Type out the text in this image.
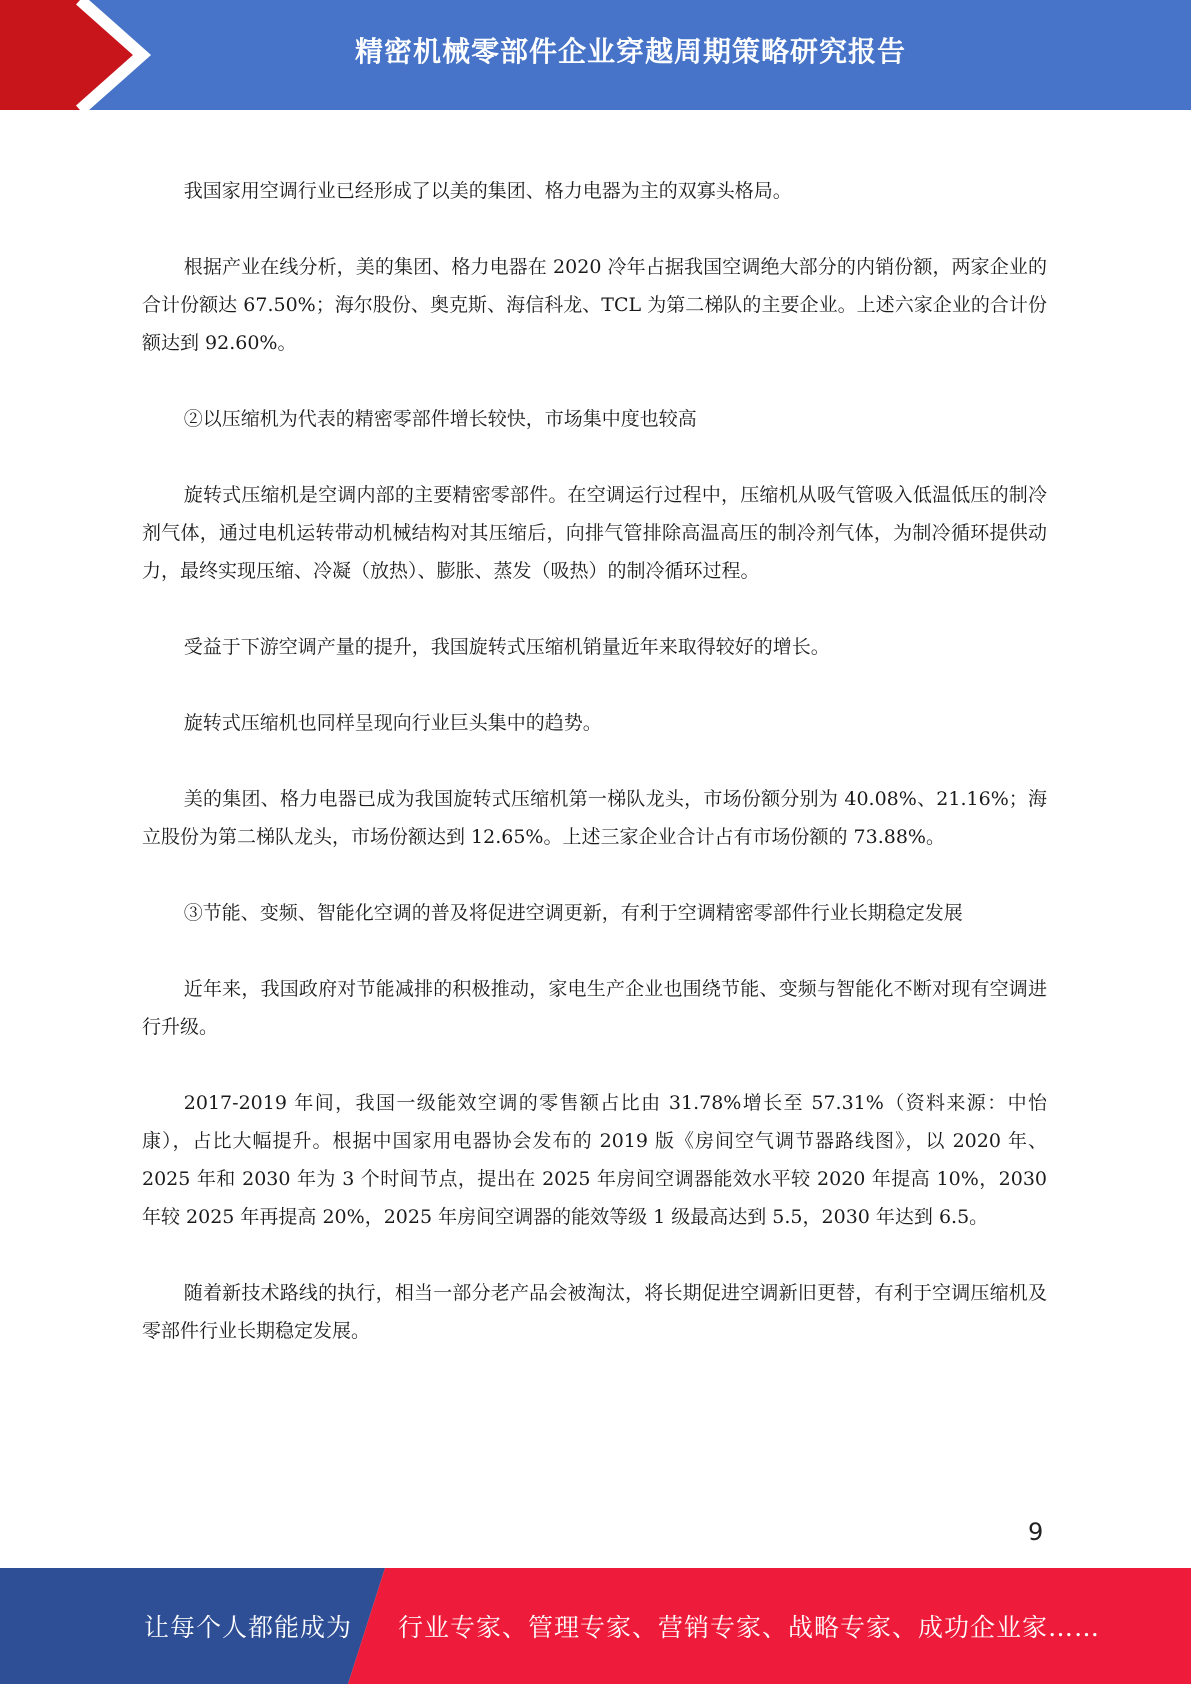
精密机械零部件企业穿越周期策略研究报告

我国家用空调行业已经形成了以美的集团、格力电器为主的双寡头格局。

根据产业在线分析，美的集团、格力电器在 2020 冷年占据我国空调绝大部分的内销份额，两家企业的合计份额达 67.50%；海尔股份、奥克斯、海信科龙、TCL 为第二梯队的主要企业。上述六家企业的合计份额达到 92.60%。

②以压缩机为代表的精密零部件增长较快，市场集中度也较高

旋转式压缩机是空调内部的主要精密零部件。在空调运行过程中，压缩机从吸气管吸入低温低压的制冷剂气体，通过电机运转带动机械结构对其压缩后，向排气管排除高温高压的制冷剂气体，为制冷循环提供动力，最终实现压缩、冷凝（放热）、膨胀、蒸发（吸热）的制冷循环过程。

受益于下游空调产量的提升，我国旋转式压缩机销量近年来取得较好的增长。

旋转式压缩机也同样呈现向行业巨头集中的趋势。

美的集团、格力电器已成为我国旋转式压缩机第一梯队龙头，市场份额分别为 40.08%、21.16%；海立股份为第二梯队龙头，市场份额达到 12.65%。上述三家企业合计占有市场份额的 73.88%。

③节能、变频、智能化空调的普及将促进空调更新，有利于空调精密零部件行业长期稳定发展

近年来，我国政府对节能减排的积极推动，家电生产企业也围绕节能、变频与智能化不断对现有空调进行升级。

2017-2019 年间，我国一级能效空调的零售额占比由 31.78%增长至 57.31%（资料来源：中怡康），占比大幅提升。根据中国家用电器协会发布的 2019 版《房间空气调节器路线图》，以 2020 年、2025 年和 2030 年为 3 个时间节点，提出在 2025 年房间空调器能效水平较 2020 年提高 10%，2030 年较 2025 年再提高 20%，2025 年房间空调器的能效等级 1 级最高达到 5.5，2030 年达到 6.5。

随着新技术路线的执行，相当一部分老产品会被淘汰，将长期促进空调新旧更替，有利于空调压缩机及零部件行业长期稳定发展。

9
让每个人都能成为 行业专家、管理专家、营销专家、战略专家、成功企业家……
